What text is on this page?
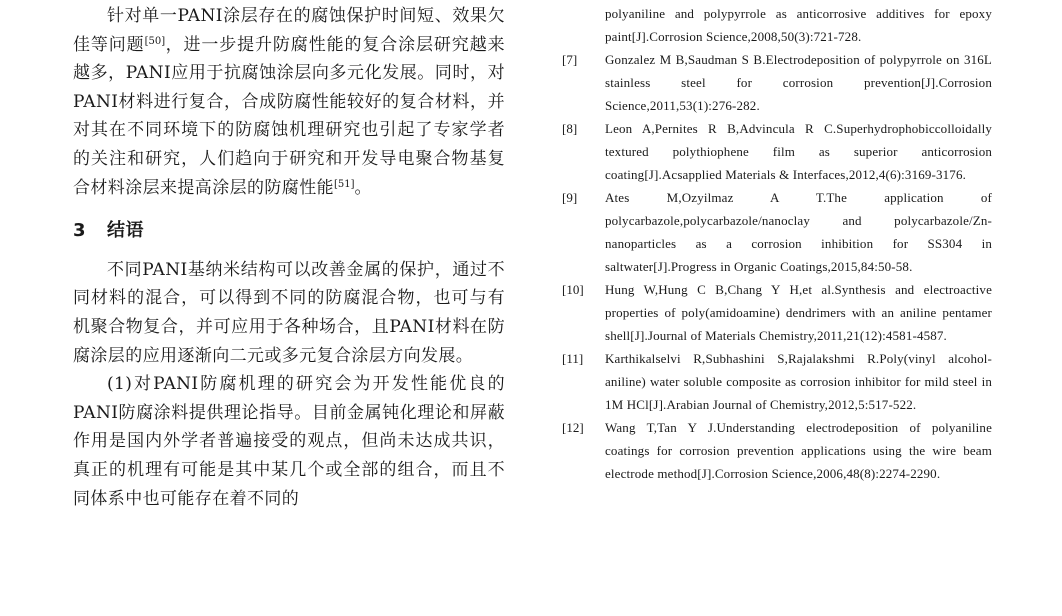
针对单一PANI涂层存在的腐蚀保护时间短、效果欠佳等问题[50]，进一步提升防腐性能的复合涂层研究越来越多，PANI应用于抗腐蚀涂层向多元化发展。同时，对PANI材料进行复合，合成防腐性能较好的复合材料，并对其在不同环境下的防腐蚀机理研究也引起了专家学者的关注和研究，人们趋向于研究和开发导电聚合物基复合材料涂层来提高涂层的防腐性能[51]。

3 结语

不同PANI基纳米结构可以改善金属的保护，通过不同材料的混合，可以得到不同的防腐混合物，也可与有机聚合物复合，并可应用于各种场合，且PANI材料在防腐涂层的应用逐渐向二元或多元复合涂层方向发展。

(1)对PANI防腐机理的研究会为开发性能优良的PANI防腐涂料提供理论指导。目前金属钝化理论和屏蔽作用是国内外学者普遍接受的观点，但尚未达成共识，真正的机理有可能是其中某几个或全部的组合，而且不同体系中也可能存在着不同的

polyaniline and polypyrrole as anticorrosive additives for epoxy paint[J].Corrosion Science,2008,50(3):721-728.
[7]	Gonzalez M B,Saudman S B.Electrodeposition of polypyrrole on 316L stainless steel for corrosion prevention[J].Corrosion Science,2011,53(1):276-282.
[8]	Leon A,Pernites R B,Advincula R C.Superhydrophobiccolloidally textured polythiophene film as superior anticorrosion coating[J].Acsapplied Materials & Interfaces,2012,4(6):3169-3176.
[9]	Ates M,Ozyilmaz A T.The application of polycarbazole,polycarbazole/nanoclay and polycarbazole/Zn-nanoparticles as a corrosion inhibition for SS304 in saltwater[J].Progress in Organic Coatings,2015,84:50-58.
[10]	Hung W,Hung C B,Chang Y H,et al.Synthesis and electroactive properties of poly(amidoamine) dendrimers with an aniline pentamer shell[J].Journal of Materials Chemistry,2011,21(12):4581-4587.
[11]	Karthikalselvi R,Subhashini S,Rajalakshmi R.Poly(vinyl alcohol-aniline) water soluble composite as corrosion inhibitor for mild steel in 1M HCl[J].Arabian Journal of Chemistry,2012,5:517-522.
[12]	Wang T,Tan Y J.Understanding electrodeposition of polyaniline coatings for corrosion prevention applications using the wire beam electrode method[J].Corrosion Science,2006,48(8):2274-2290.
